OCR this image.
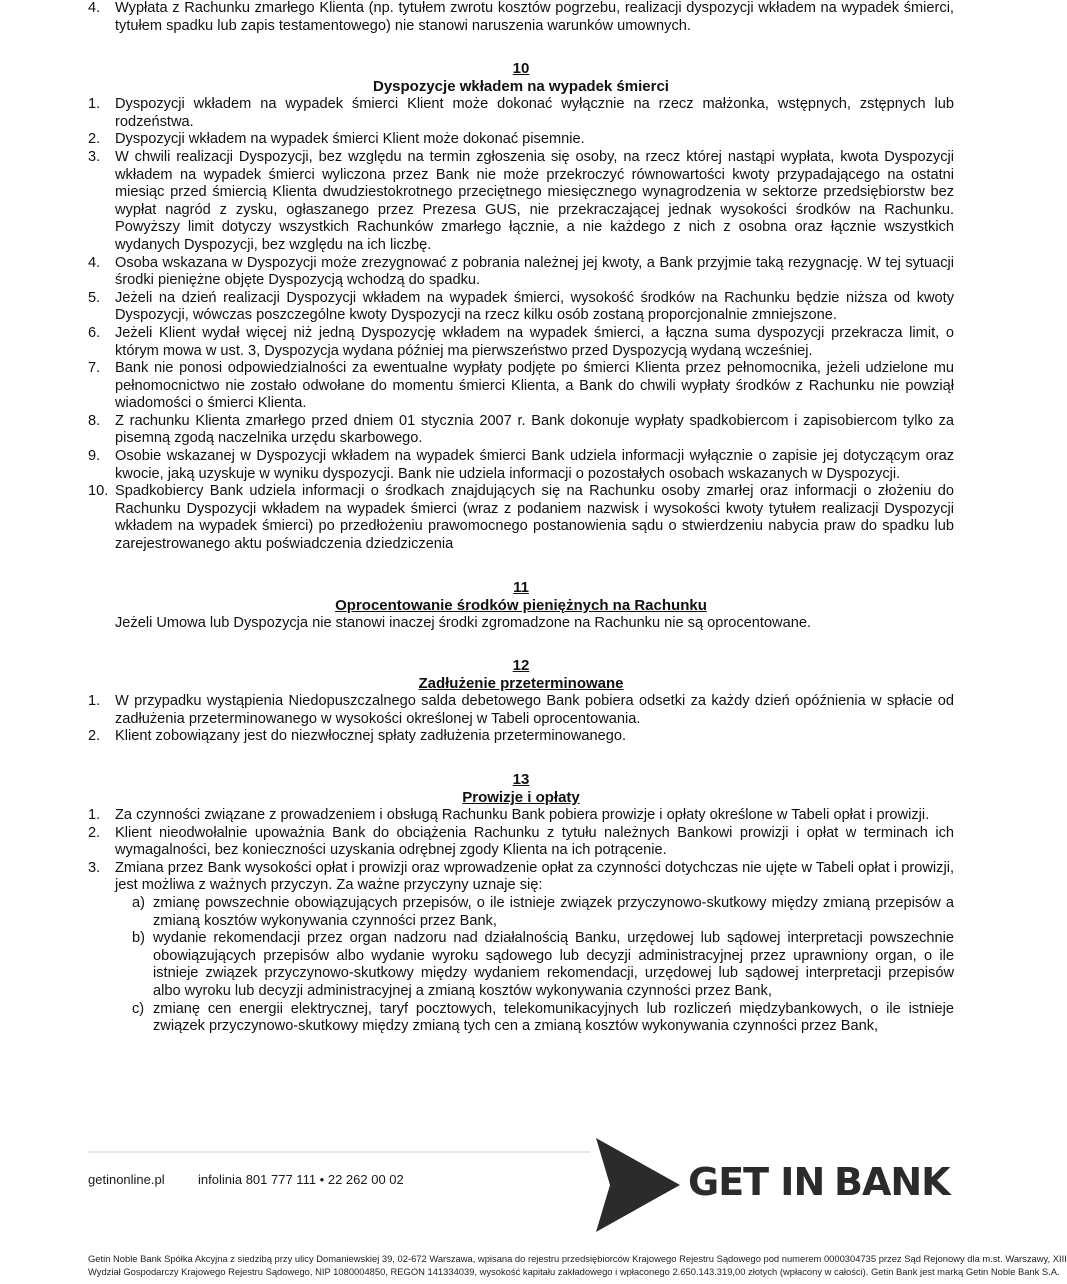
4. Wypłata z Rachunku zmarłego Klienta (np. tytułem zwrotu kosztów pogrzebu, realizacji dyspozycji wkładem na wypadek śmierci, tytułem spadku lub zapis testamentowego) nie stanowi naruszenia warunków umownych.
10
Dyspozycje wkładem na wypadek śmierci
1. Dyspozycji wkładem na wypadek śmierci Klient może dokonać wyłącznie na rzecz małżonka, wstępnych, zstępnych lub rodzeństwa.
2. Dyspozycji wkładem na wypadek śmierci Klient może dokonać pisemnie.
3. W chwili realizacji Dyspozycji, bez względu na termin zgłoszenia się osoby, na rzecz której nastąpi wypłata, kwota Dyspozycji wkładem na wypadek śmierci wyliczona przez Bank nie może przekroczyć równowartości kwoty przypadającego na ostatni miesiąc przed śmiercią Klienta dwudziestokrotnego przeciętnego miesięcznego wynagrodzenia w sektorze przedsiębiorstw bez wypłat nagród z zysku, ogłaszanego przez Prezesa GUS, nie przekraczającej jednak wysokości środków na Rachunku. Powyższy limit dotyczy wszystkich Rachunków zmarłego łącznie, a nie każdego z nich z osobna oraz łącznie wszystkich wydanych Dyspozycji, bez względu na ich liczbę.
4. Osoba wskazana w Dyspozycji może zrezygnować z pobrania należnej jej kwoty, a Bank przyjmie taką rezygnację. W tej sytuacji środki pieniężne objęte Dyspozycją wchodzą do spadku.
5. Jeżeli na dzień realizacji Dyspozycji wkładem na wypadek śmierci, wysokość środków na Rachunku będzie niższa od kwoty Dyspozycji, wówczas poszczególne kwoty Dyspozycji na rzecz kilku osób zostaną proporcjonalnie zmniejszone.
6. Jeżeli Klient wydał więcej niż jedną Dyspozycję wkładem na wypadek śmierci, a łączna suma dyspozycji przekracza limit, o którym mowa w ust. 3, Dyspozycja wydana później ma pierwszeństwo przed Dyspozycją wydaną wcześniej.
7. Bank nie ponosi odpowiedzialności za ewentualne wypłaty podjęte po śmierci Klienta przez pełnomocnika, jeżeli udzielone mu pełnomocnictwo nie zostało odwołane do momentu śmierci Klienta, a Bank do chwili wypłaty środków z Rachunku nie powziął wiadomości o śmierci Klienta.
8. Z rachunku Klienta zmarłego przed dniem 01 stycznia 2007 r. Bank dokonuje wypłaty spadkobiercom i zapisobiercom tylko za pisemną zgodą naczelnika urzędu skarbowego.
9. Osobie wskazanej w Dyspozycji wkładem na wypadek śmierci Bank udziela informacji wyłącznie o zapisie jej dotyczącym oraz kwocie, jaką uzyskuje w wyniku dyspozycji. Bank nie udziela informacji o pozostałych osobach wskazanych w Dyspozycji.
10. Spadkobiercy Bank udziela informacji o środkach znajdujących się na Rachunku osoby zmarłej oraz informacji o złożeniu do Rachunku Dyspozycji wkładem na wypadek śmierci (wraz z podaniem nazwisk i wysokości kwoty tytułem realizacji Dyspozycji wkładem na wypadek śmierci) po przedłożeniu prawomocnego postanowienia sądu o stwierdzeniu nabycia praw do spadku lub zarejestrowanego aktu poświadczenia dziedziczenia
11
Oprocentowanie środków pieniężnych na Rachunku
Jeżeli Umowa lub Dyspozycja nie stanowi inaczej środki zgromadzone na Rachunku nie są oprocentowane.
12
Zadłużenie przeterminowane
1. W przypadku wystąpienia Niedopuszczalnego salda debetowego Bank pobiera odsetki za każdy dzień opóźnienia w spłacie od zadłużenia przeterminowanego w wysokości określonej w Tabeli oprocentowania.
2. Klient zobowiązany jest do niezwłocznej spłaty zadłużenia przeterminowanego.
13
Prowizje i opłaty
1. Za czynności związane z prowadzeniem i obsługą Rachunku Bank pobiera prowizje i opłaty określone w Tabeli opłat i prowizji.
2. Klient nieodwołalnie upoważnia Bank do obciążenia Rachunku z tytułu należnych Bankowi prowizji i opłat w terminach ich wymagalności, bez konieczności uzyskania odrębnej zgody Klienta na ich potrącenie.
3. Zmiana przez Bank wysokości opłat i prowizji oraz wprowadzenie opłat za czynności dotychczas nie ujęte w Tabeli opłat i prowizji, jest możliwa z ważnych przyczyn. Za ważne przyczyny uznaje się:
a) zmianę powszechnie obowiązujących przepisów, o ile istnieje związek przyczynowo-skutkowy między zmianą przepisów a zmianą kosztów wykonywania czynności przez Bank,
b) wydanie rekomendacji przez organ nadzoru nad działalnością Banku, urzędowej lub sądowej interpretacji powszechnie obowiązujących przepisów albo wydanie wyroku sądowego lub decyzji administracyjnej przez uprawniony organ, o ile istnieje związek przyczynowo-skutkowy między wydaniem rekomendacji, urzędowej lub sądowej interpretacji przepisów albo wyroku lub decyzji administracyjnej a zmianą kosztów wykonywania czynności przez Bank,
c) zmianę cen energii elektrycznej, taryf pocztowych, telekomunikacyjnych lub rozliczeń międzybankowych, o ile istnieje związek przyczynowo-skutkowy między zmianą tych cen a zmianą kosztów wykonywania czynności przez Bank,
getinonline.pl	infolinia 801 777 111 • 22 262 00 02	GET IN BANK
Getin Noble Bank Spółka Akcyjna z siedzibą przy ulicy Domaniewskiej 39, 02-672 Warszawa, wpisana do rejestru przedsiębiorców Krajowego Rejestru Sądowego pod numerem 0000304735 przez Sąd Rejonowy dla m.st. Warszawy, XIII
Wydział Gospodarczy Krajowego Rejestru Sądowego, NIP 1080004850, REGON 141334039, wysokość kapitału zakładowego i wpłaconego 2.650.143.319,00 złotych (wpłacony w całości). Getin Bank jest marką Getin Noble Bank S.A.
